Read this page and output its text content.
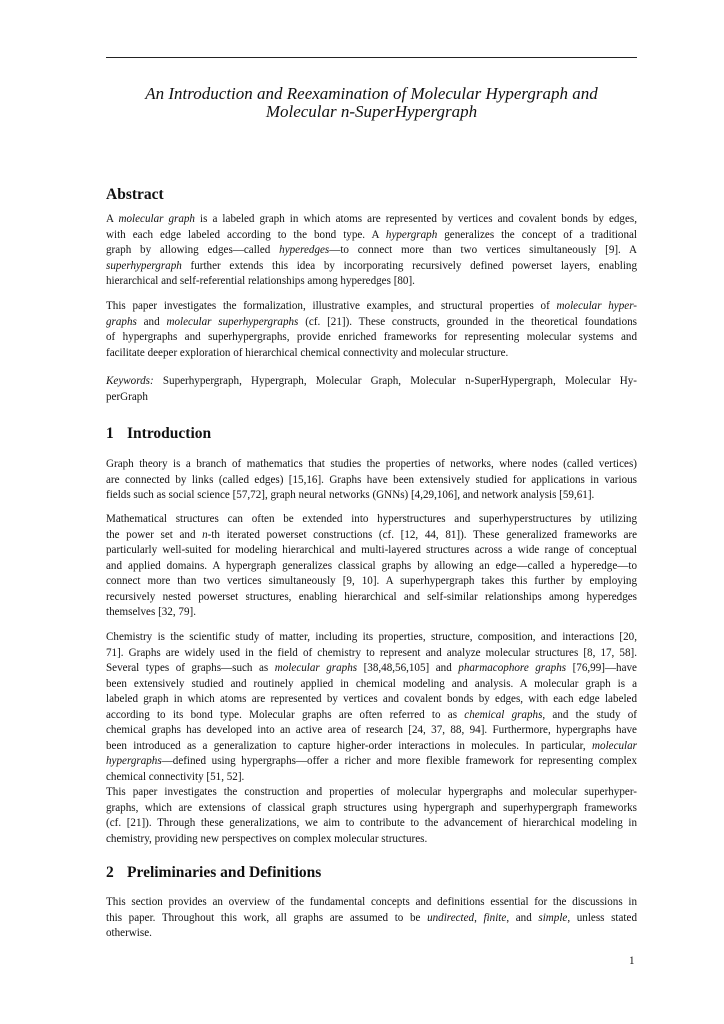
An Introduction and Reexamination of Molecular Hypergraph and
Molecular n-SuperHypergraph
Abstract

A molecular graph is a labeled graph in which atoms are represented by vertices and covalent bonds by edges,
with each edge labeled according to the bond type. A hypergraph generalizes the concept of a traditional
graph by allowing edges—called hyperedges—to connect more than two vertices simultaneously [9]. A
superhypergraph further extends this idea by incorporating recursively defined powerset layers, enabling
hierarchical and self-referential relationships among hyperedges [80].

This paper investigates the formalization, illustrative examples, and structural properties of molecular hyper-
graphs and molecular superhypergraphs (cf. [21]). These constructs, grounded in the theoretical foundations
of hypergraphs and superhypergraphs, provide enriched frameworks for representing molecular systems and
facilitate deeper exploration of hierarchical chemical connectivity and molecular structure.

Keywords: Superhypergraph, Hypergraph, Molecular Graph, Molecular n-SuperHypergraph, Molecular Hy-
perGraph

1 Introduction

Graph theory is a branch of mathematics that studies the properties of networks, where nodes (called vertices)
are connected by links (called edges) [15,16]. Graphs have been extensively studied for applications in various
fields such as social science [57,72], graph neural networks (GNNs) [4,29,106], and network analysis [59,61].

Mathematical structures can often be extended into hyperstructures and superhyperstructures by utilizing
the power set and n-th iterated powerset constructions (cf. [12, 44, 81]). These generalized frameworks are
particularly well-suited for modeling hierarchical and multi-layered structures across a wide range of conceptual
and applied domains. A hypergraph generalizes classical graphs by allowing an edge—called a hyperedge—to
connect more than two vertices simultaneously [9, 10]. A superhypergraph takes this further by employing
recursively nested powerset structures, enabling hierarchical and self-similar relationships among hyperedges
themselves [32, 79].

Chemistry is the scientific study of matter, including its properties, structure, composition, and interactions [20,
71]. Graphs are widely used in the field of chemistry to represent and analyze molecular structures [8, 17, 58].
Several types of graphs—such as molecular graphs [38,48,56,105] and pharmacophore graphs [76,99]—have
been extensively studied and routinely applied in chemical modeling and analysis. A molecular graph is a
labeled graph in which atoms are represented by vertices and covalent bonds by edges, with each edge labeled
according to its bond type. Molecular graphs are often referred to as chemical graphs, and the study of
chemical graphs has developed into an active area of research [24, 37, 88, 94]. Furthermore, hypergraphs have
been introduced as a generalization to capture higher-order interactions in molecules. In particular, molecular
hypergraphs—defined using hypergraphs—offer a richer and more flexible framework for representing complex
chemical connectivity [51, 52].

This paper investigates the construction and properties of molecular hypergraphs and molecular superhyper-
graphs, which are extensions of classical graph structures using hypergraph and superhypergraph frameworks
(cf. [21]). Through these generalizations, we aim to contribute to the advancement of hierarchical modeling in
chemistry, providing new perspectives on complex molecular structures.

2 Preliminaries and Definitions

This section provides an overview of the fundamental concepts and definitions essential for the discussions in
this paper. Throughout this work, all graphs are assumed to be undirected, finite, and simple, unless stated
otherwise.

1
